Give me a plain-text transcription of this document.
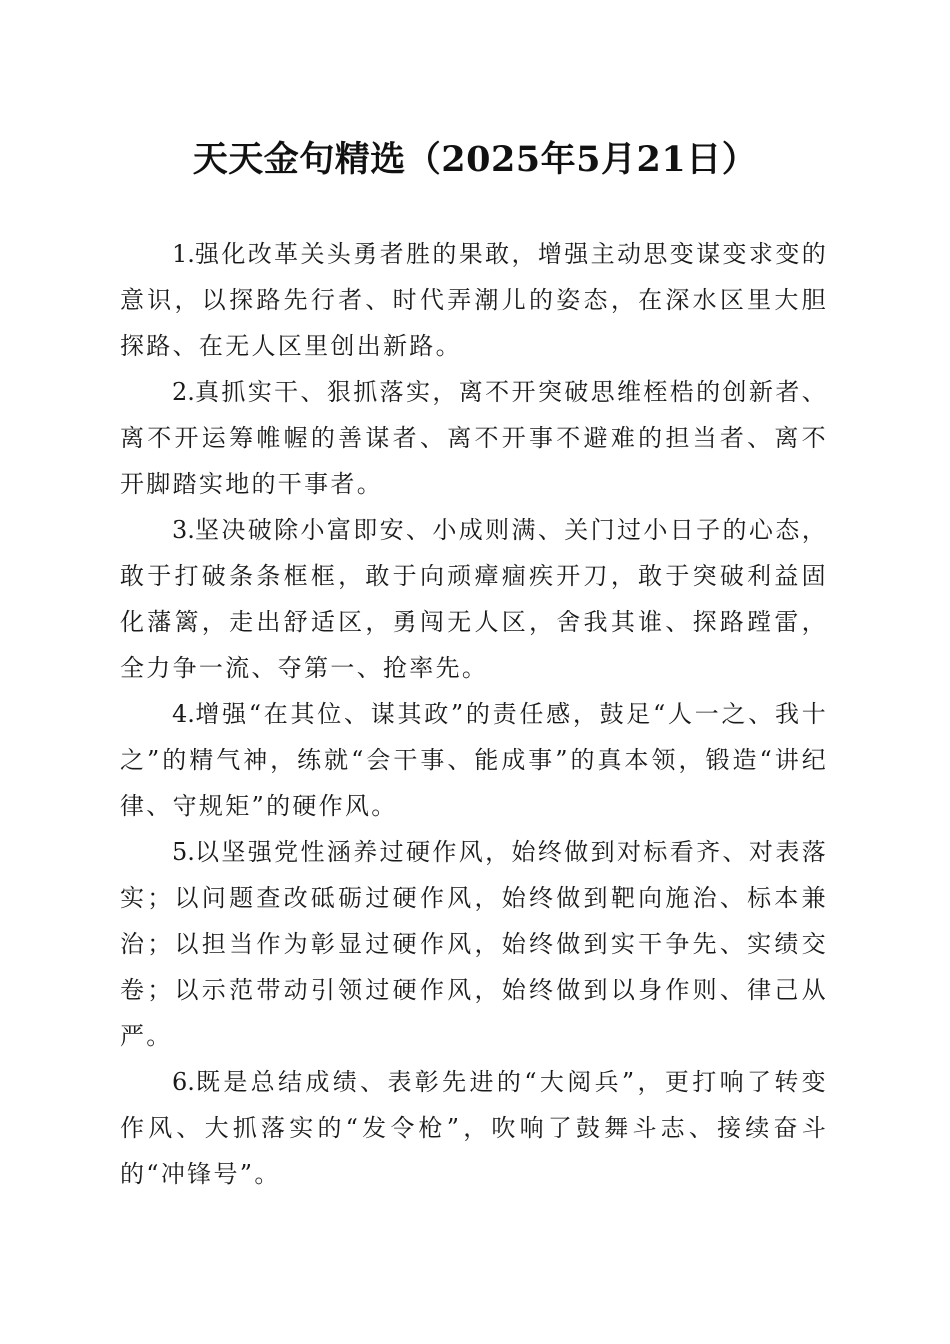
天天金句精选（2025年5月21日）

1.强化改革关头勇者胜的果敢，增强主动思变谋变求变的意识，以探路先行者、时代弄潮儿的姿态，在深水区里大胆探路、在无人区里创出新路。

2.真抓实干、狠抓落实，离不开突破思维桎梏的创新者、离不开运筹帷幄的善谋者、离不开事不避难的担当者、离不开脚踏实地的干事者。

3.坚决破除小富即安、小成则满、关门过小日子的心态，敢于打破条条框框，敢于向顽瘴痼疾开刀，敢于突破利益固化藩篱，走出舒适区，勇闯无人区，舍我其谁、探路蹚雷，全力争一流、夺第一、抢率先。

4.增强“在其位、谋其政”的责任感，鼓足“人一之、我十之”的精气神，练就“会干事、能成事”的真本领，锻造“讲纪律、守规矩”的硬作风。

5.以坚强党性涵养过硬作风，始终做到对标看齐、对表落实；以问题查改砥砺过硬作风，始终做到靶向施治、标本兼治；以担当作为彰显过硬作风，始终做到实干争先、实绩交卷；以示范带动引领过硬作风，始终做到以身作则、律己从严。

6.既是总结成绩、表彰先进的“大阅兵”，更打响了转变作风、大抓落实的“发令枪”，吹响了鼓舞斗志、接续奋斗的“冲锋号”。
